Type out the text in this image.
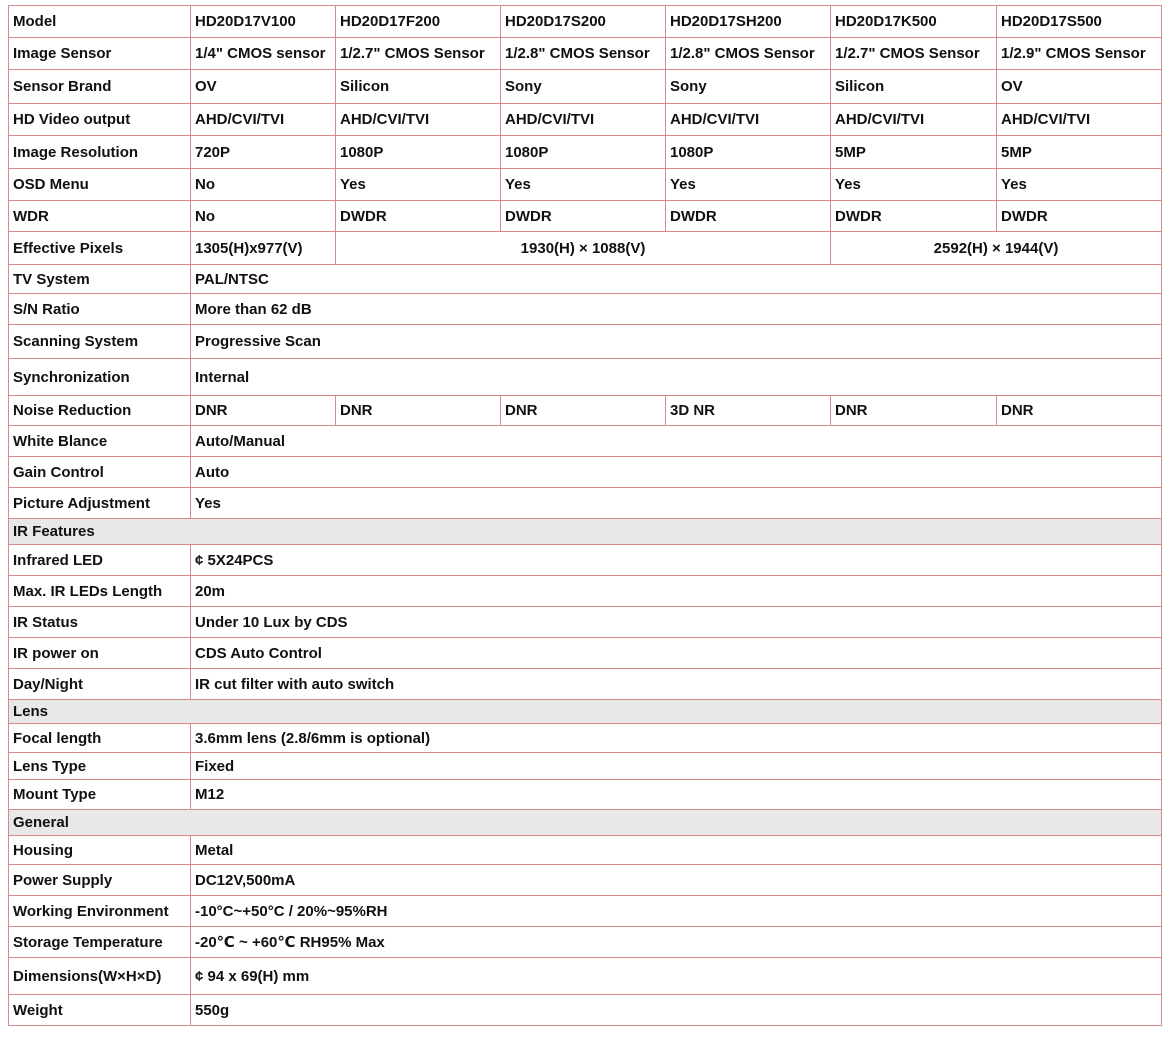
Model	HD20D17V100	HD20D17F200	HD20D17S200	HD20D17SH200	HD20D17K500	HD20D17S500
Image Sensor	1/4" CMOS sensor	1/2.7" CMOS Sensor	1/2.8" CMOS Sensor	1/2.8" CMOS Sensor	1/2.7" CMOS Sensor	1/2.9" CMOS Sensor
Sensor Brand	OV	Silicon	Sony	Sony	Silicon	OV
HD Video output	AHD/CVI/TVI	AHD/CVI/TVI	AHD/CVI/TVI	AHD/CVI/TVI	AHD/CVI/TVI	AHD/CVI/TVI
Image Resolution	720P	1080P	1080P	1080P	5MP	5MP
OSD Menu	No	Yes	Yes	Yes	Yes	Yes
WDR	No	DWDR	DWDR	DWDR	DWDR	DWDR
Effective Pixels	1305(H)x977(V)	1930(H) × 1088(V)			2592(H) × 1944(V)	
TV System	PAL/NTSC					
S/N Ratio	More than 62 dB					
Scanning System	Progressive Scan					
Synchronization	Internal					
Noise Reduction	DNR	DNR	DNR	3D NR	DNR	DNR
White Blance	Auto/Manual					
Gain Control	Auto					
Picture Adjustment	Yes					
IR Features						
Infrared LED	¢ 5X24PCS					
Max. IR LEDs Length	20m					
IR Status	Under 10 Lux by CDS					
IR power on	CDS Auto Control					
Day/Night	IR cut filter with auto switch					
Lens						
Focal length	3.6mm lens (2.8/6mm is optional)					
Lens Type	Fixed					
Mount Type	M12					
General						
Housing	Metal					
Power Supply	DC12V,500mA					
Working Environment	-10°C~+50°C / 20%~95%RH					
Storage Temperature	-20℃ ~ +60℃ RH95% Max					
Dimensions(W×H×D)	¢ 94 x 69(H) mm					
Weight	550g					
